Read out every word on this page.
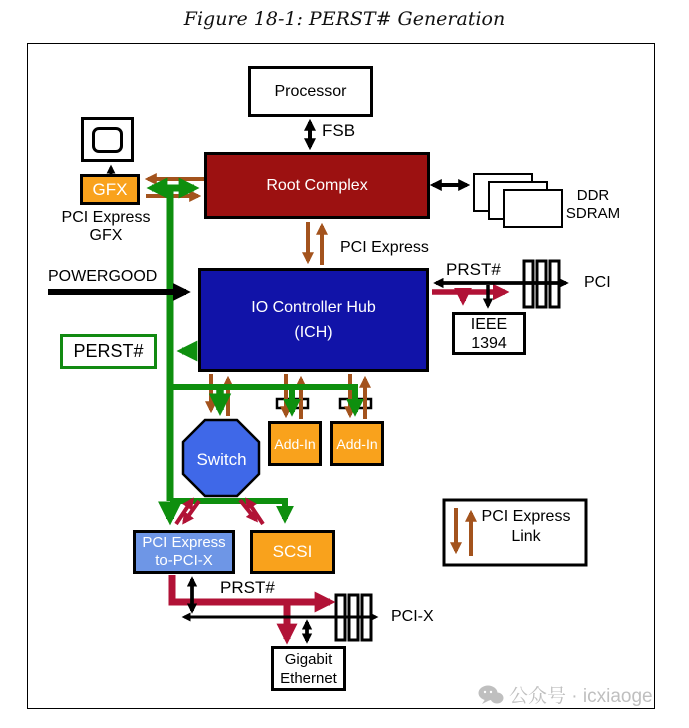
Figure 18-1: PERST# Generation
Processor
GFX	Root Complex
IO Controller Hub
(ICH)
PERST#
Switch
Add-In Add-In
PCI Express
to-PCI-X	SCSI
IEEE
1394
Gigabit
Ethernet
FSB
DDR
SDRAM
PCI Express
PCI Express
GFX
POWERGOOD	PRST#
PCI
PRST#
PCI-X
PCI Express
Link
公众号 · icxiaoge
